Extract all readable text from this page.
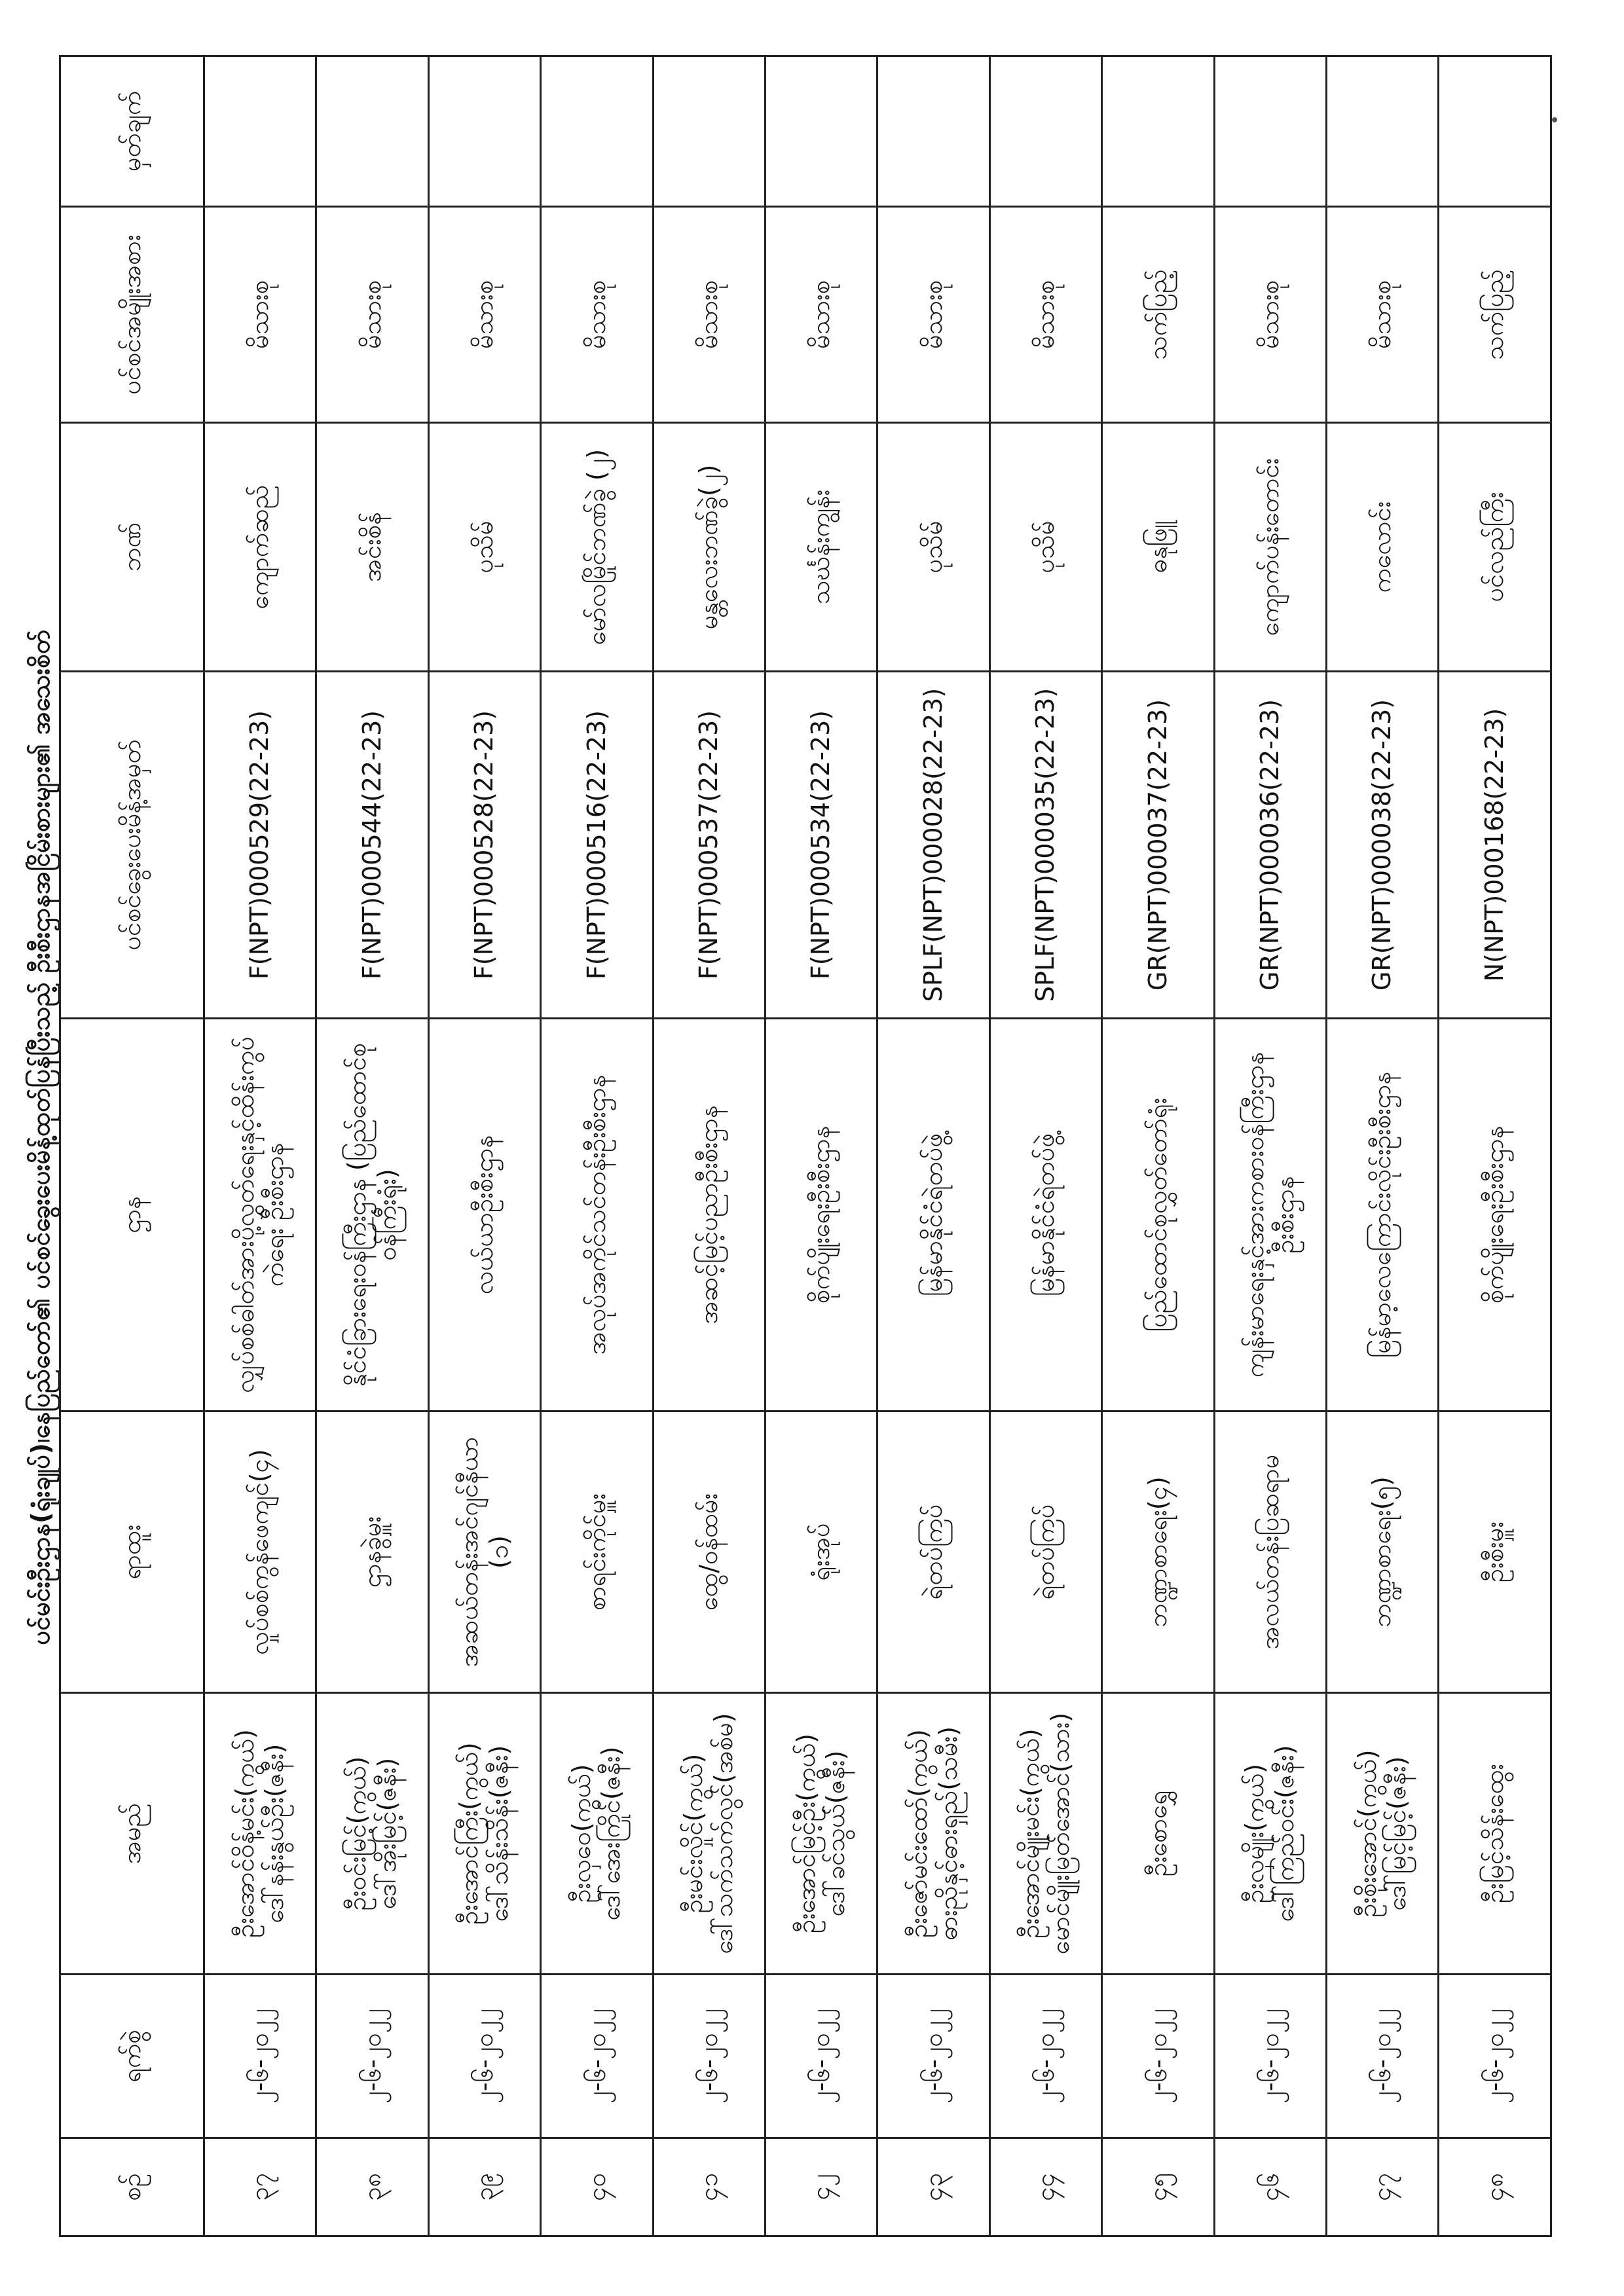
ပင်မင်းဦးဌာန(ရုံးချုပ်)၊နေပြည်တော်၏ ပင်စင်ခွေးပေးမိန့်ထုတ်ပြန်ပြီးသည့် ဦးစီးဌာနအငြိမ်းစားများ၏ အသေးစိတ်
စဉ်	ရက်စွဲ	အမည်	ရာထူး	ဌာန	ပင်စင်ခွေးပေးမိန့်အမှတ်	ဘဏ်	ပင်စင်အမျိုးအစား	မှတ်ချက်
၃၇	၂-၆-၂၀၂၂	ဦးအောင်ဝိန့်မင်း(ကွယ်) ဒေါ်နန်းနွယ်ဦး(ဇနီး)	လှုပ်စစ်ကွန်ဖေကျင်(၄)	လျှပ်စစ်ဓါတ်အားပို့လွှတ်ရေးနှင့်ထိန်းကွပ်ကဲရေး ဦးစီးဌာန	F(NPT)000529(22-23)	ကျောက်ဆည်	မိသားစု	
၃၈	၂-၆-၂၀၂၂	ဦးဝင်းမြင့်(ကွယ်) ဒေါ်အိုးမြင့်(ဇနီး)	ဌာနခွဲမှူး	နိုင်ငံခြားရေးဝန်ကြီးဌာန (ပြည်ထောင်စုဝန်ကြီးရုံး)	F(NPT)000544(22-23)	အင်းစိန်	မိသားစု	
၃၉	၂-၆-၂၀၂၂	ဦးအောင်ကြီး(ကွယ်) ဒေါ်သိန်းသိန်း(ဇနီး)	အဆယ်တန်းအင်ဂျင်နီယာ (၁)	လယ်ယာဦးစီးဌာန	F(NPT)000528(22-23)	ပုသိမ်	မိသားစု	
၄၀	၂-၆-၂၀၂၂	ဦးလှဝေ(ကွယ်) ဒေါ်အေးကြိုင်(ဇနီး)	စာရင်းကိုင်မှူး	အလုပ်အကိုင်သင်တန်းဦးစီးဌာန	F(NPT)000516(22-23)	မော်လမြိုင်ဘဏ်ခွဲ (၂)	မိသားစု	
၄၁	၂-၆-၂၀၂၂	ဦးမင်းလှိုင်(ကွယ်) ဒေါ်သက်သက်လွင်(အစ်မ)	ထွေ/ဝန်ထမ်း	အဆင့်မြင့်ပညာဦးစီးဌာန	F(NPT)000537(22-23)	မန္တလေးဘဏ်ခွဲ(၂)	မိသားစု	
၄၂	၂-၆-၂၀၂၂	ဦးအောင်မြင့်ဦး(ကွယ်) ဒေါ်ခင်သွယ်(ဇနီး)	ရုံးအုပ်	စိုက်ပျိုးရေးဦးစီးဌာန	F(NPT)000534(22-23)	သင်္ဃန်းကျွန်း	မိသားစု	
၄၃	၂-၆-၂၀၂၂	ဦးဇော်မင်းထော်(ကွယ်) ဓားညိုနှင့်ဓားရှည်(သမီး)	ရဲတပ်ကြပ်	မြန်မာနိုင်ငံရဲတပ်ဖွဲ့	SPLF(NPT)000028(22-23)	ပုသိမ်	မိသားစု	
၄၄	၂-၆-၂၀၂၂	ဦးအောင်မျိုးမင်း(ကွယ်) မောင်မျိုးမြတ်အောင်(သား)	ရဲတပ်ကြပ်	မြန်မာနိုင်ငံရဲတပ်ဖွဲ့	SPLF(NPT)000035(22-23)	ပုသိမ်	မိသားစု	
၄၅	၂-၆-၂၀၂၂	ဦးစောရွှေ	ဘဏ္ဍာစာရေး(၄)	ပြည်ထောင်စုလွှတ်တော်ရုံး	GR(NPT)000037(22-23)	ဓနုဖြူ	သက်ပြည့်	
၄၆	၂-၆-၂၀၂၂	ဦးလှမျိုး(ကွယ်) ဒေါ်ကြည်ဝင်း(ဇနီး)	အလယ်တန်းပြဆရာမ	ကျန်းမာရေးနှင့်အားကစားဝန်ကြီးဌာန ဦးစီးဌာန	GR(NPT)000036(22-23)	ကျောက်ပန်းတောင်း	မိသားစု	
၄၇	၂-၆-၂၀၂၂	ဦးစိုးအောင်(ကွယ်) ဒေါ်မြင့်မြင့်(ဇနီး)	ဘဏ္ဍာစာရေး(၅)	မြန်မာ့လေကြောင်းလိုင်းဦးစီးဌာန	GR(NPT)000038(22-23)	ကလောင်း	မိသားစု	
၄၈	၂-၆-၂၀၂၂	ဦးမြင့်သိန်းထွေး	ဦးစီးမှူး	စိုက်ပျိုးရေးဦးစီးဌာန	N(NPT)000168(22-23)	ပင်လည်ကြီး	သက်ပြည့်	
